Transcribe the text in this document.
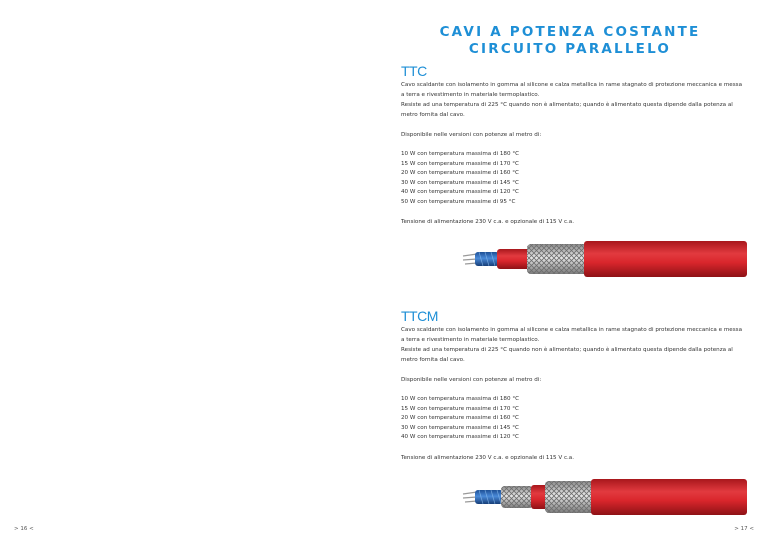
CAVI A POTENZA COSTANTE
CIRCUITO PARALLELO
TTC

Cavo scaldante con isolamento in gomma al silicone e calza metallica in rame stagnato di protezione meccanica e messa a terra e rivestimento in materiale termoplastico.

Resiste ad una temperatura di 225 °C quando non è alimentato; quando è alimentato questa dipende dalla potenza al metro fornita dal cavo.

Disponibile nelle versioni con potenze al metro di:

10 W con temperatura massima di 180 °C
15 W con temperature massime di 170 °C
20 W con temperature massime di 160 °C
30 W con temperature massime di 145 °C
40 W con temperature massime di 120 °C
50 W con temperature massime di 95 °C

Tensione di alimentazione 230 V c.a. e opzionale di 115 V c.a.

TTCM

Cavo scaldante con isolamento in gomma al silicone e calza metallica in rame stagnato di protezione meccanica e messa a terra e rivestimento in materiale termoplastico.

Resiste ad una temperatura di 225 °C quando non è alimentato; quando è alimentato questa dipende dalla potenza al metro fornita dal cavo.

Disponibile nelle versioni con potenze al metro di:

10 W con temperatura massima di 180 °C
15 W con temperature massime di 170 °C
20 W con temperature massime di 160 °C
30 W con temperature massime di 145 °C
40 W con temperature massime di 120 °C

Tensione di alimentazione 230 V c.a. e opzionale di 115 V c.a.

> 16 <	> 17 <
